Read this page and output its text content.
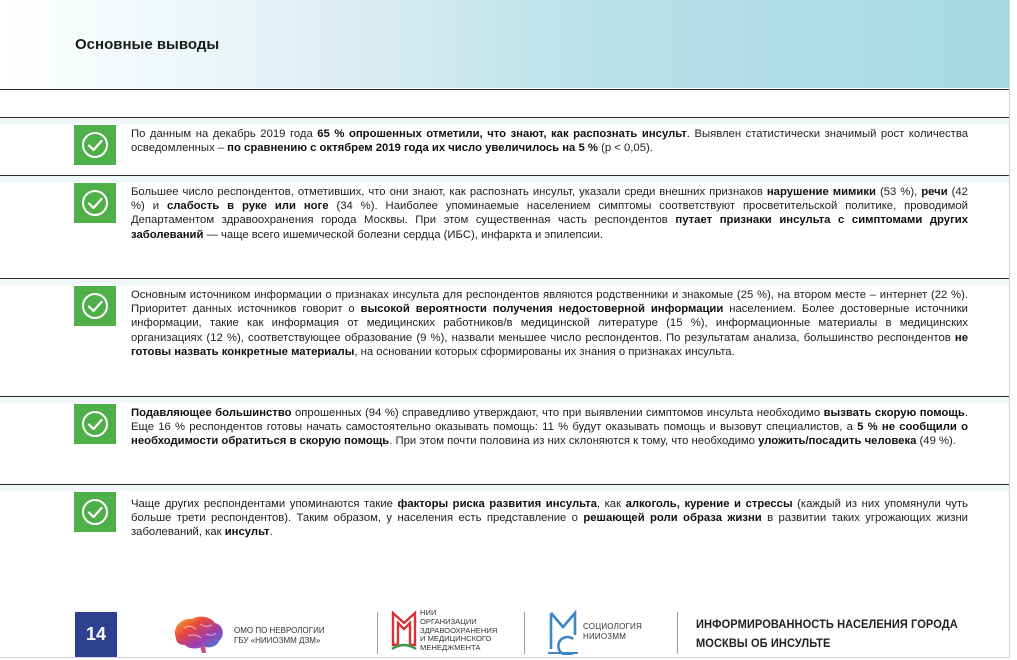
Основные выводы
По данным на декабрь 2019 года 65 % опрошенных отметили, что знают, как распознать инсульт. Выявлен статистически значимый рост количества осведомленных – по сравнению с октябрем 2019 года их число увеличилось на 5 % (р < 0,05).
Большее число респондентов, отметивших, что они знают, как распознать инсульт, указали среди внешних признаков нарушение мимики (53 %), речи (42 %) и слабость в руке или ноге (34 %). Наиболее упоминаемые населением симптомы соответствуют просветительской политике, проводимой Департаментом здравоохранения города Москвы. При этом существенная часть респондентов путает признаки инсульта с симптомами других заболеваний — чаще всего ишемической болезни сердца (ИБС), инфаркта и эпилепсии.
Основным источником информации о признаках инсульта для респондентов являются родственники и знакомые (25 %), на втором месте – интернет (22 %). Приоритет данных источников говорит о высокой вероятности получения недостоверной информации населением. Более достоверные источники информации, такие как информация от медицинских работников/в медицинской литературе (15 %), информационные материалы в медицинских организациях (12 %), соответствующее образование (9 %), назвали меньшее число респондентов. По результатам анализа, большинство респондентов не готовы назвать конкретные материалы, на основании которых сформированы их знания о признаках инсульта.
Подавляющее большинство опрошенных (94 %) справедливо утверждают, что при выявлении симптомов инсульта необходимо вызвать скорую помощь. Еще 16 % респондентов готовы начать самостоятельно оказывать помощь: 11 % будут оказывать помощь и вызовут специалистов, а 5 % не сообщили о необходимости обратиться в скорую помощь. При этом почти половина из них склоняются к тому, что необходимо уложить/посадить человека (49 %).
Чаще других респондентами упоминаются такие факторы риска развития инсульта, как алкоголь, курение и стрессы (каждый из них упомянули чуть больше трети респондентов). Таким образом, у населения есть представление о решающей роли образа жизни в развитии таких угрожающих жизни заболеваний, как инсульт.
14	ОМО ПО НЕВРОЛОГИИ
ГБУ «НИИОЗММ ДЗМ»
НИИ
ОРГАНИЗАЦИИ
ЗДРАВООХРАНЕНИЯ
И МЕДИЦИНСКОГО
МЕНЕДЖМЕНТА
СОЦИОЛОГИЯ
НИИОЗММ
ИНФОРМИРОВАННОСТЬ НАСЕЛЕНИЯ ГОРОДА
МОСКВЫ ОБ ИНСУЛЬТЕ
